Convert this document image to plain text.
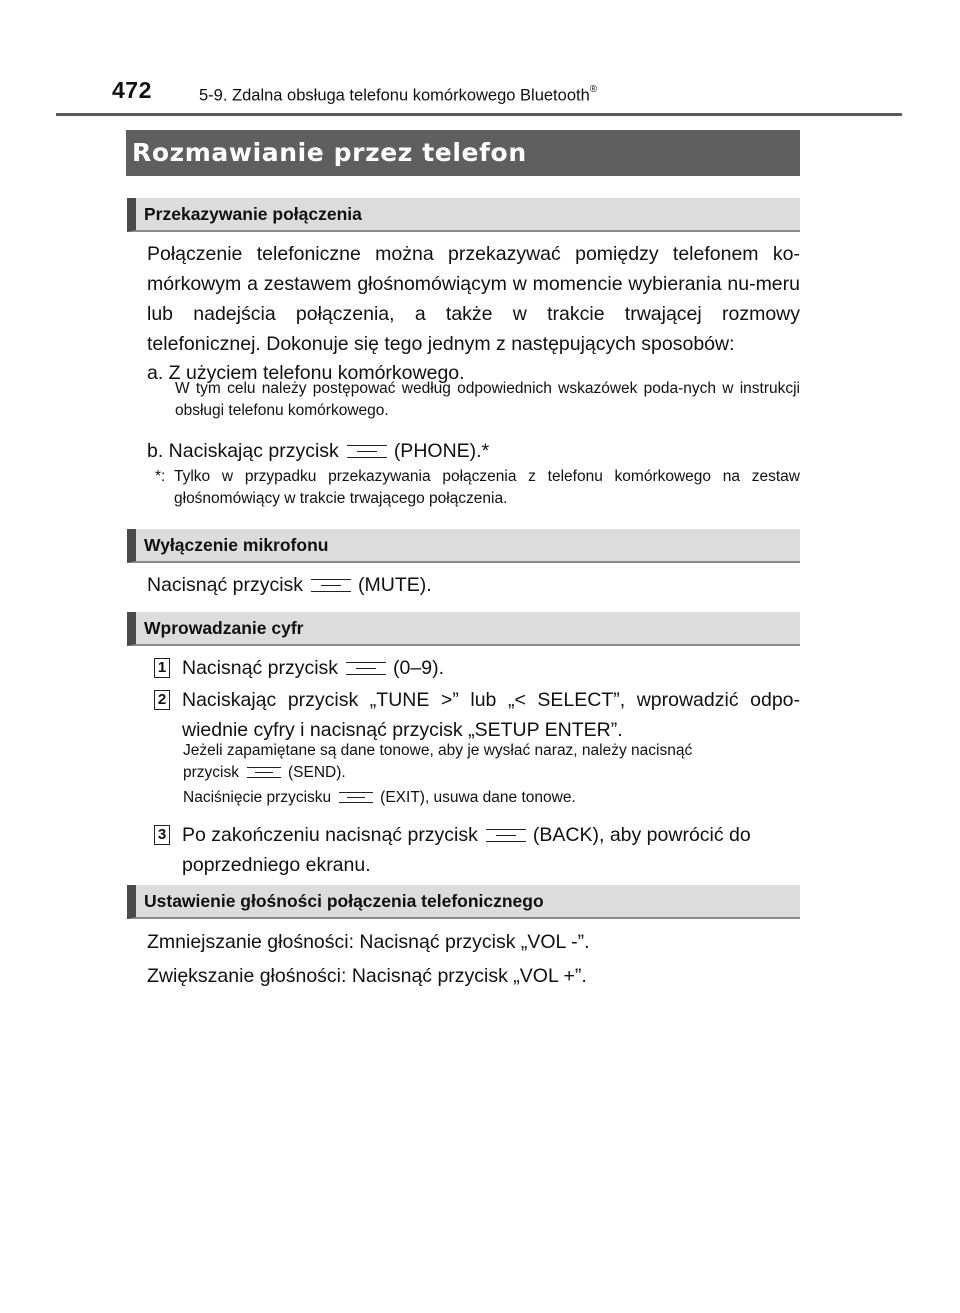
472	5-9. Zdalna obsługa telefonu komórkowego Bluetooth®
Rozmawianie przez telefon
Przekazywanie połączenia

Połączenie telefoniczne można przekazywać pomiędzy telefonem ko-mórkowym a zestawem głośnomówiącym w momencie wybierania nu-meru lub nadejścia połączenia, a także w trakcie trwającej rozmowy telefonicznej. Dokonuje się tego jednym z następujących sposobów:

a. Z użyciem telefonu komórkowego.

W tym celu należy postępować według odpowiednich wskazówek poda-nych w instrukcji obsługi telefonu komórkowego.

b. Naciskając przycisk	(PHONE).*
*: Tylko w przypadku przekazywania połączenia z telefonu komórkowego na zestaw głośnomówiący w trakcie trwającego połączenia.

Wyłączenie mikrofonu
Nacisnąć przycisk	(MUTE).
Wprowadzanie cyfr
1 Nacisnąć przycisk	(0–9).
2 Naciskając przycisk „TUNE >” lub „< SELECT”, wprowadzić odpo-wiednie cyfry i nacisnąć przycisk „SETUP ENTER”.

Jeżeli zapamiętane są dane tonowe, aby je wysłać naraz, należy nacisnąć
przycisk	(SEND).
Naciśnięcie przycisku	(EXIT), usuwa dane tonowe.
3 Po zakończeniu nacisnąć przycisk	(BACK), aby powrócić do
poprzedniego ekranu.
Ustawienie głośności połączenia telefonicznego
Zmniejszanie głośności: Nacisnąć przycisk „VOL -”.
Zwiększanie głośności: Nacisnąć przycisk „VOL +”.
